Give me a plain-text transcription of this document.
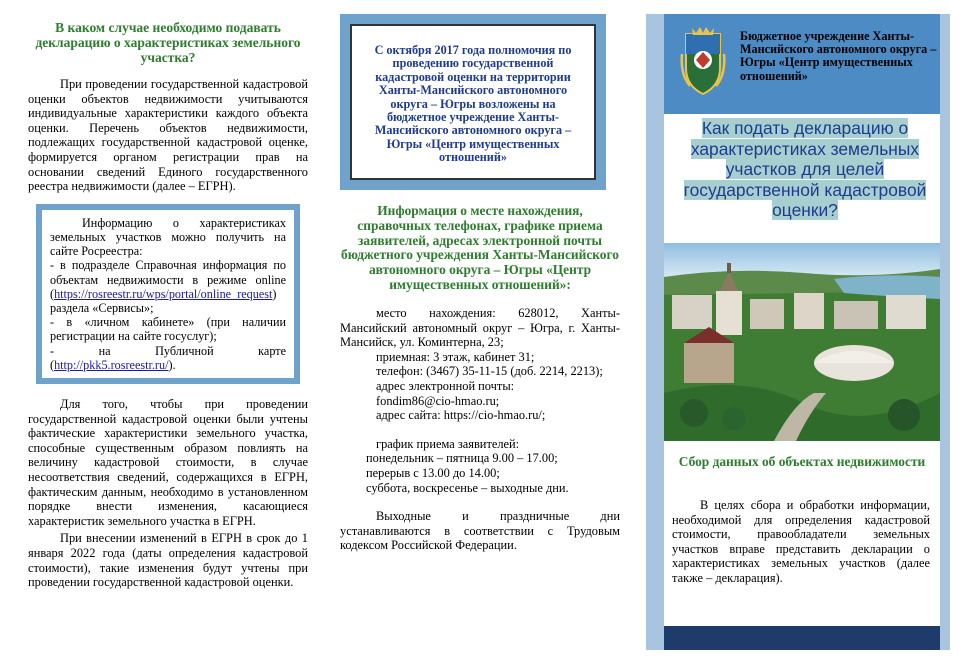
В каком случае необходимо подавать декларацию о характеристиках земельного участка?

При проведении государственной кадастровой оценки объектов недвижимости учитываются индивидуальные характеристики каждого объекта оценки. Перечень объектов недвижимости, подлежащих государственной кадастровой оценке, формируется органом регистрации прав на основании сведений Единого государственного реестра недвижимости (далее – ЕГРН).

Информацию о характеристиках земельных участков можно получить на сайте Росреестра:

- в подразделе Справочная информация по объектам недвижимости в режиме online (https://rosreestr.ru/wps/portal/online_request) раздела «Сервисы»;

- в «личном кабинете» (при наличии регистрации на сайте госуслуг);

- на Публичной карте (http://pkk5.rosreestr.ru/).

Для того, чтобы при проведении государственной кадастровой оценки были учтены фактические характеристики земельного участка, способные существенным образом повлиять на величину кадастровой стоимости, в случае несоответствия сведений, содержащихся в ЕГРН, фактическим данным, необходимо в установленном порядке внести изменения, касающиеся характеристик земельного участка в ЕГРН.

При внесении изменений в ЕГРН в срок до 1 января 2022 года (даты определения кадастровой стоимости), такие изменения будут учтены при проведении государственной кадастровой оценки.

С октября 2017 года полномочия по проведению государственной кадастровой оценки на территории Ханты-Мансийского автономного округа – Югры возложены на бюджетное учреждение Ханты-Мансийского автономного округа – Югры «Центр имущественных отношений»

Информация о месте нахождения, справочных телефонах, графике приема заявителей, адресах электронной почты бюджетного учреждения Ханты-Мансийского автономного округа – Югры «Центр имущественных отношений»:

место нахождения: 628012, Ханты-Мансийский автономный округ – Югра, г. Ханты-Мансийск, ул. Коминтерна, 23;

приемная: 3 этаж, кабинет 31;

телефон: (3467) 35-11-15 (доб. 2214, 2213);

адрес электронной почты:

fondim86@cio-hmao.ru;

адрес сайта: https://cio-hmao.ru/;

график приема заявителей:

понедельник – пятница 9.00 – 17.00;

перерыв с 13.00 до 14.00;

суббота, воскресенье – выходные дни.

Выходные и праздничные дни устанавливаются в соответствии с Трудовым кодексом Российской Федерации.

Бюджетное учреждение Ханты-Мансийского автономного округа – Югры «Центр имущественных отношений»
Как подать декларацию о характеристиках земельных участков для целей государственной кадастровой оценки?
Сбор данных об объектах недвижимости
В целях сбора и обработки информации, необходимой для определения кадастровой стоимости, правообладатели земельных участков вправе представить декларации о характеристиках земельных участков (далее также – декларация).
